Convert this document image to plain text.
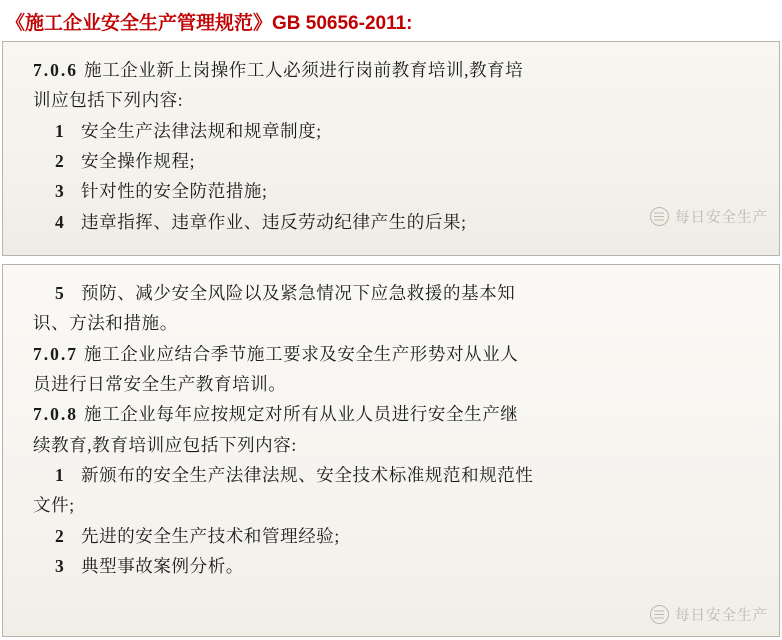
《施工企业安全生产管理规范》GB 50656-2011:

7.0.6 施工企业新上岗操作工人必须进行岗前教育培训,教育培

训应包括下列内容:

1 安全生产法律法规和规章制度;

2 安全操作规程;

3 针对性的安全防范措施;

4 违章指挥、违章作业、违反劳动纪律产生的后果;

5 预防、减少安全风险以及紧急情况下应急救援的基本知

识、方法和措施。

7.0.7 施工企业应结合季节施工要求及安全生产形势对从业人

员进行日常安全生产教育培训。

7.0.8 施工企业每年应按规定对所有从业人员进行安全生产继

续教育,教育培训应包括下列内容:

1 新颁布的安全生产法律法规、安全技术标准规范和规范性

文件;

2 先进的安全生产技术和管理经验;

3 典型事故案例分析。

每日安全生产
每日安全生产
